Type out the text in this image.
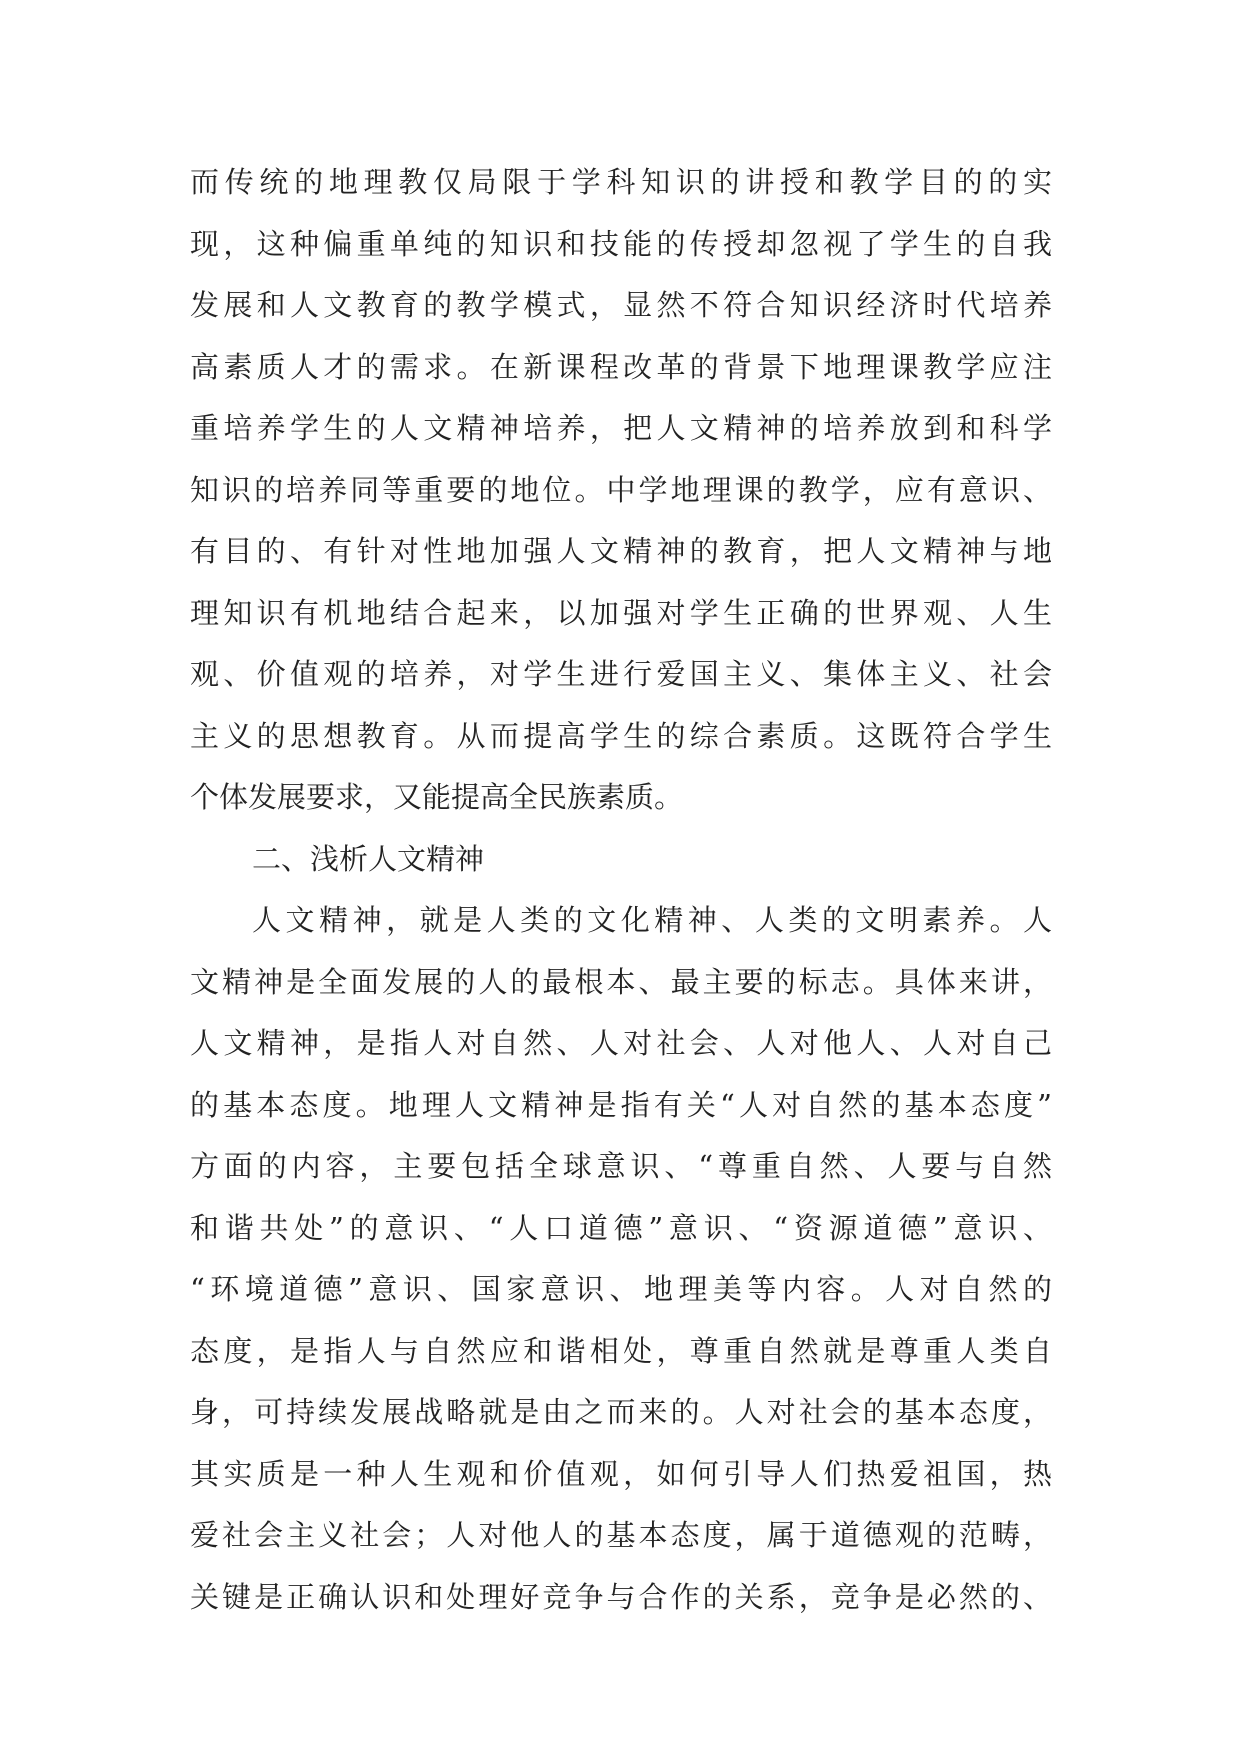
而传统的地理教仅局限于学科知识的讲授和教学目的的实
现，这种偏重单纯的知识和技能的传授却忽视了学生的自我
发展和人文教育的教学模式，显然不符合知识经济时代培养
高素质人才的需求。在新课程改革的背景下地理课教学应注
重培养学生的人文精神培养，把人文精神的培养放到和科学
知识的培养同等重要的地位。中学地理课的教学，应有意识、
有目的、有针对性地加强人文精神的教育，把人文精神与地
理知识有机地结合起来，以加强对学生正确的世界观、人生
观、价值观的培养，对学生进行爱国主义、集体主义、社会
主义的思想教育。从而提高学生的综合素质。这既符合学生
个体发展要求，又能提高全民族素质。
二、浅析人文精神
人文精神，就是人类的文化精神、人类的文明素养。人
文精神是全面发展的人的最根本、最主要的标志。具体来讲，
人文精神，是指人对自然、人对社会、人对他人、人对自己
的基本态度。地理人文精神是指有关“人对自然的基本态度”
方面的内容，主要包括全球意识、“尊重自然、人要与自然
和谐共处”的意识、“人口道德”意识、“资源道德”意识、
“环境道德”意识、国家意识、地理美等内容。人对自然的
态度，是指人与自然应和谐相处，尊重自然就是尊重人类自
身，可持续发展战略就是由之而来的。人对社会的基本态度，
其实质是一种人生观和价值观，如何引导人们热爱祖国，热
爱社会主义社会；人对他人的基本态度，属于道德观的范畴，
关键是正确认识和处理好竞争与合作的关系，竞争是必然的、
